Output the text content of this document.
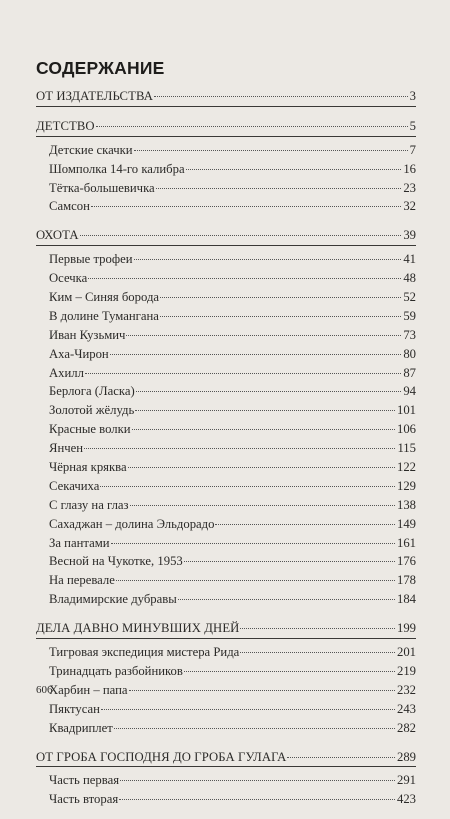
СОДЕРЖАНИЕ
ОТ ИЗДАТЕЛЬСТВА	3
ДЕТСТВО	5
Детские скачки	7
Шомполка 14-го калибра	16
Тётка-большевичка	23
Самсон	32
ОХОТА	39
Первые трофеи	41
Осечка	48
Ким – Синяя борода	52
В долине Тумангана	59
Иван Кузьмич	73
Аха-Чирон	80
Ахилл	87
Берлога (Ласка)	94
Золотой жёлудь	101
Красные волки	106
Янчен	115
Чёрная кряква	122
Секачиха	129
С глазу на глаз	138
Сахаджан – долина Эльдорадо	149
За пантами	161
Весной на Чукотке, 1953	176
На перевале	178
Владимирские дубравы	184
ДЕЛА ДАВНО МИНУВШИХ ДНЕЙ	199
Тигровая экспедиция мистера Рида	201
Тринадцать разбойников	219
Харбин – папа	232
Пяктусан	243
Квадриплет	282
ОТ ГРОБА ГОСПОДНЯ ДО ГРОБА ГУЛАГА	289
Часть первая	291
Часть вторая	423
606
